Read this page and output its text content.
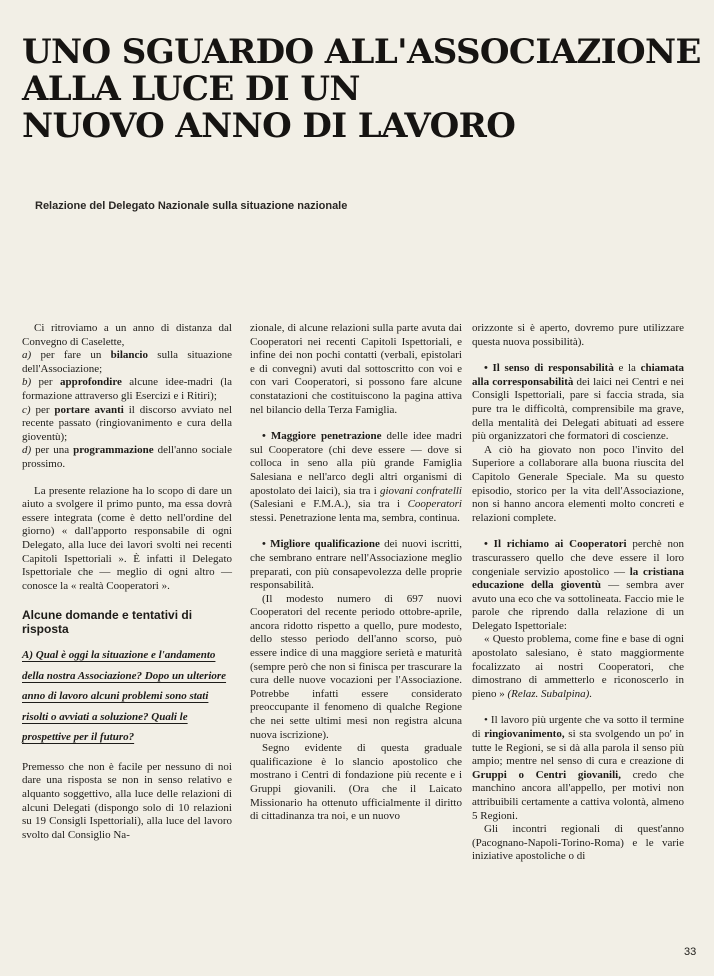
UNO SGUARDO ALL'ASSOCIAZIONE
ALLA LUCE DI UN
NUOVO ANNO DI LAVORO
Relazione del Delegato Nazionale sulla situazione nazionale

Ci ritroviamo a un anno di distanza dal Convegno di Caselette,

a) per fare un bilancio sulla situazione dell'Associazione;

b) per approfondire alcune idee-madri (la formazione attraverso gli Esercizi e i Ritiri);

c) per portare avanti il discorso avviato nel recente passato (ringiovanimento e cura della gioventù);

d) per una programmazione dell'anno sociale prossimo.

La presente relazione ha lo scopo di dare un aiuto a svolgere il primo punto, ma essa dovrà essere integrata (come è detto nell'ordine del giorno) « dall'apporto responsabile di ogni Delegato, alla luce dei lavori svolti nei recenti Capitoli Ispettoriali ». È infatti il Delegato Ispettoriale che — meglio di ogni altro — conosce la « realtà Cooperatori ».

Alcune domande e tentativi di risposta
A) Qual è oggi la situazione e l'andamento della nostra Associazione? Dopo un ulteriore anno di lavoro alcuni problemi sono stati risolti o avviati a soluzione? Quali le prospettive per il futuro?

Premesso che non è facile per nessuno di noi dare una risposta se non in senso relativo e alquanto soggettivo, alla luce delle relazioni di alcuni Delegati (dispongo solo di 10 relazioni su 19 Consigli Ispettoriali), alla luce del lavoro svolto dal Consiglio Na-

zionale, di alcune relazioni sulla parte avuta dai Cooperatori nei recenti Capitoli Ispettoriali, e infine dei non pochi contatti (verbali, epistolari e di convegni) avuti dal sottoscritto con voi e con vari Cooperatori, si possono fare alcune constatazioni che costituiscono la pagina attiva nel bilancio della Terza Famiglia.

• Maggiore penetrazione delle idee madri sul Cooperatore (chi deve essere — dove si colloca in seno alla più grande Famiglia Salesiana e nell'arco degli altri organismi di apostolato dei laici), sia tra i giovani confratelli (Salesiani e F.M.A.), sia tra i Cooperatori stessi. Penetrazione lenta ma, sembra, continua.

• Migliore qualificazione dei nuovi iscritti, che sembrano entrare nell'Associazione meglio preparati, con più consapevolezza delle proprie responsabilità.

(Il modesto numero di 697 nuovi Cooperatori del recente periodo ottobre-aprile, ancora ridotto rispetto a quello, pure modesto, dello stesso periodo dell'anno scorso, può essere indice di una maggiore serietà e maturità (sempre però che non si finisca per trascurare la cura delle nuove vocazioni per l'Associazione. Potrebbe infatti essere considerato preoccupante il fenomeno di qualche Regione che nei sette ultimi mesi non registra alcuna nuova iscrizione).

Segno evidente di questa graduale qualificazione è lo slancio apostolico che mostrano i Centri di fondazione più recente e i Gruppi giovanili. (Ora che il Laicato Missionario ha ottenuto ufficialmente il diritto di cittadinanza tra noi, e un nuovo

orizzonte si è aperto, dovremo pure utilizzare questa nuova possibilità).

• Il senso di responsabilità e la chiamata alla corresponsabilità dei laici nei Centri e nei Consigli Ispettoriali, pare si faccia strada, sia pure tra le difficoltà, comprensibile ma grave, della mentalità dei Delegati abituati ad essere più organizzatori che formatori di coscienze.

A ciò ha giovato non poco l'invito del Superiore a collaborare alla buona riuscita del Capitolo Generale Speciale. Ma su questo episodio, storico per la vita dell'Associazione, non si hanno ancora elementi molto concreti e relazioni complete.

• Il richiamo ai Cooperatori perchè non trascurassero quello che deve essere il loro congeniale servizio apostolico — la cristiana educazione della gioventù — sembra aver avuto una eco che va sottolineata. Faccio mie le parole che riprendo dalla relazione di un Delegato Ispettoriale:

« Questo problema, come fine e base di ogni apostolato salesiano, è stato maggiormente focalizzato ai nostri Cooperatori, che dimostrano di ammetterlo e riconoscerlo in pieno » (Relaz. Subalpina).

• Il lavoro più urgente che va sotto il termine di ringiovanimento, si sta svolgendo un po' in tutte le Regioni, se si dà alla parola il senso più ampio; mentre nel senso di cura e creazione di Gruppi o Centri giovanili, credo che manchino ancora all'appello, per motivi non attribuibili certamente a cattiva volontà, almeno 5 Regioni.

Gli incontri regionali di quest'anno (Pacognano-Napoli-Torino-Roma) e le varie iniziative apostoliche o di

33
